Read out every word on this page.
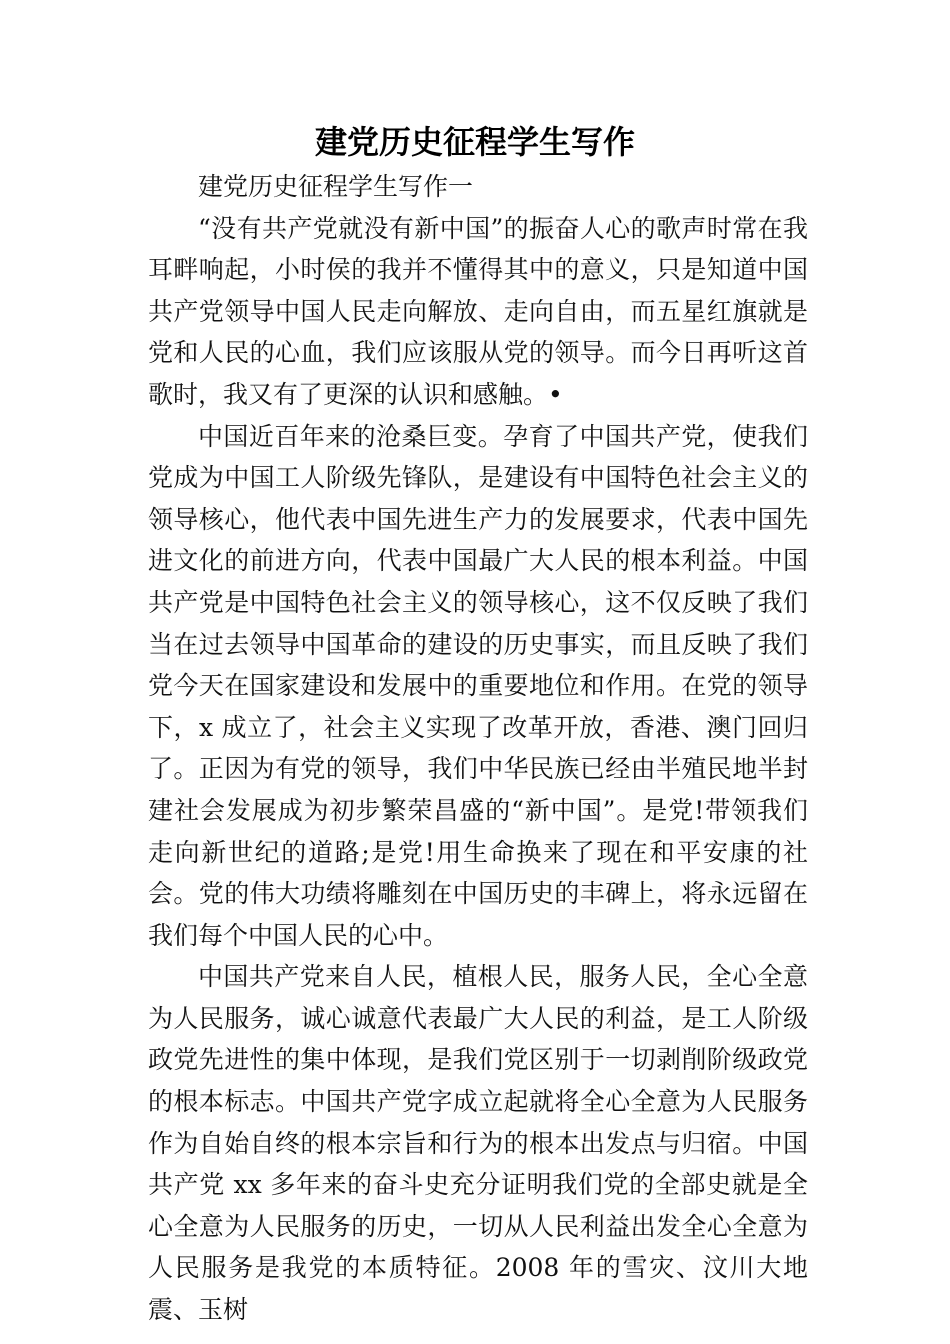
建党历史征程学生写作

建党历史征程学生写作一

“没有共产党就没有新中国”的振奋人心的歌声时常在我耳畔响起，小时侯的我并不懂得其中的意义，只是知道中国共产党领导中国人民走向解放、走向自由，而五星红旗就是党和人民的心血，我们应该服从党的领导。而今日再听这首歌时，我又有了更深的认识和感触。•

中国近百年来的沧桑巨变。孕育了中国共产党，使我们党成为中国工人阶级先锋队，是建设有中国特色社会主义的领导核心，他代表中国先进生产力的发展要求，代表中国先进文化的前进方向，代表中国最广大人民的根本利益。中国共产党是中国特色社会主义的领导核心，这不仅反映了我们当在过去领导中国革命的建设的历史事实，而且反映了我们党今天在国家建设和发展中的重要地位和作用。在党的领导下，x 成立了，社会主义实现了改革开放，香港、澳门回归了。正因为有党的领导，我们中华民族已经由半殖民地半封建社会发展成为初步繁荣昌盛的“新中国”。是党!带领我们走向新世纪的道路;是党!用生命换来了现在和平安康的社会。党的伟大功绩将雕刻在中国历史的丰碑上，将永远留在我们每个中国人民的心中。

中国共产党来自人民，植根人民，服务人民，全心全意为人民服务，诚心诚意代表最广大人民的利益，是工人阶级政党先进性的集中体现，是我们党区别于一切剥削阶级政党的根本标志。中国共产党字成立起就将全心全意为人民服务作为自始自终的根本宗旨和行为的根本出发点与归宿。中国共产党 xx 多年来的奋斗史充分证明我们党的全部史就是全心全意为人民服务的历史，一切从人民利益出发全心全意为人民服务是我党的本质特征。2008 年的雪灾、汶川大地震、玉树
